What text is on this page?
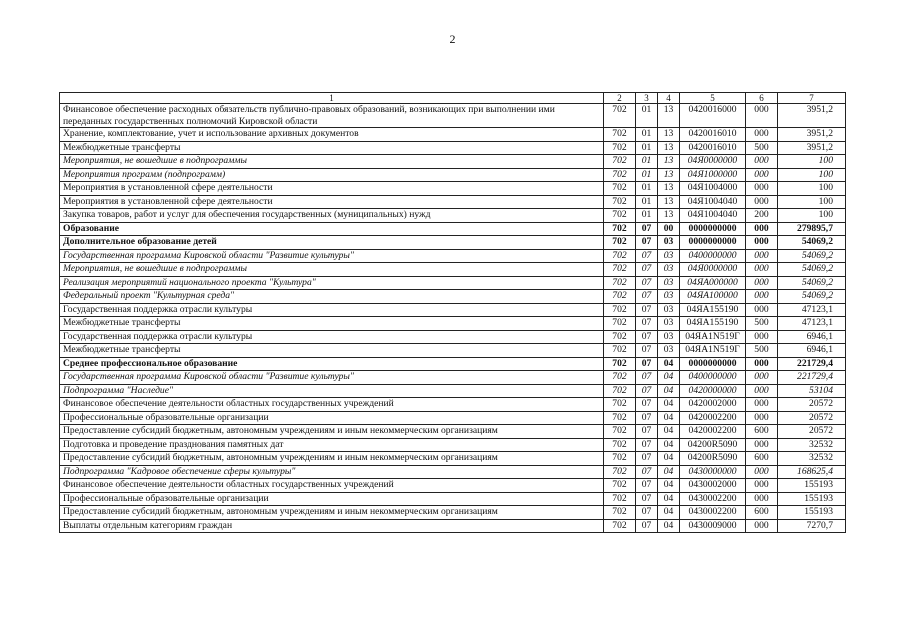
2
1	2	3	4	5	6	7
Финансовое обеспечение расходных обязательств публично-правовых образований, возникающих при выполнении ими переданных государственных полномочий Кировской области	702	01	13	0420016000	000	3951,2
Хранение, комплектование, учет и использование архивных документов	702	01	13	0420016010	000	3951,2
Межбюджетные трансферты	702	01	13	0420016010	500	3951,2
Мероприятия, не вошедшие в подпрограммы	702	01	13	04Я0000000	000	100
Мероприятия программ (подпрограмм)	702	01	13	04Я1000000	000	100
Мероприятия в установленной сфере деятельности	702	01	13	04Я1004000	000	100
Мероприятия в установленной сфере деятельности	702	01	13	04Я1004040	000	100
Закупка товаров, работ и услуг для обеспечения государственных (муниципальных) нужд	702	01	13	04Я1004040	200	100
Образование	702	07	00	0000000000	000	279895,7
Дополнительное образование детей	702	07	03	0000000000	000	54069,2
Государственная программа Кировской области "Развитие культуры"	702	07	03	0400000000	000	54069,2
Мероприятия, не вошедшие в подпрограммы	702	07	03	04Я0000000	000	54069,2
Реализация мероприятий национального проекта "Культура"	702	07	03	04ЯA000000	000	54069,2
Федеральный проект "Культурная среда"	702	07	03	04ЯA100000	000	54069,2
Государственная поддержка отрасли культуры	702	07	03	04ЯA155190	000	47123,1
Межбюджетные трансферты	702	07	03	04ЯA155190	500	47123,1
Государственная поддержка отрасли культуры	702	07	03	04ЯA1N519Г	000	6946,1
Межбюджетные трансферты	702	07	03	04ЯA1N519Г	500	6946,1
Среднее профессиональное образование	702	07	04	0000000000	000	221729,4
Государственная программа Кировской области "Развитие культуры"	702	07	04	0400000000	000	221729,4
Подпрограмма "Наследие"	702	07	04	0420000000	000	53104
Финансовое обеспечение деятельности областных государственных учреждений	702	07	04	0420002000	000	20572
Профессиональные образовательные организации	702	07	04	0420002200	000	20572
Предоставление субсидий бюджетным, автономным учреждениям и иным некоммерческим организациям	702	07	04	0420002200	600	20572
Подготовка и проведение празднования памятных дат	702	07	04	04200R5090	000	32532
Предоставление субсидий бюджетным, автономным учреждениям и иным некоммерческим организациям	702	07	04	04200R5090	600	32532
Подпрограмма "Кадровое обеспечение сферы культуры"	702	07	04	0430000000	000	168625,4
Финансовое обеспечение деятельности областных государственных учреждений	702	07	04	0430002000	000	155193
Профессиональные образовательные организации	702	07	04	0430002200	000	155193
Предоставление субсидий бюджетным, автономным учреждениям и иным некоммерческим организациям	702	07	04	0430002200	600	155193
Выплаты отдельным категориям граждан	702	07	04	0430009000	000	7270,7
